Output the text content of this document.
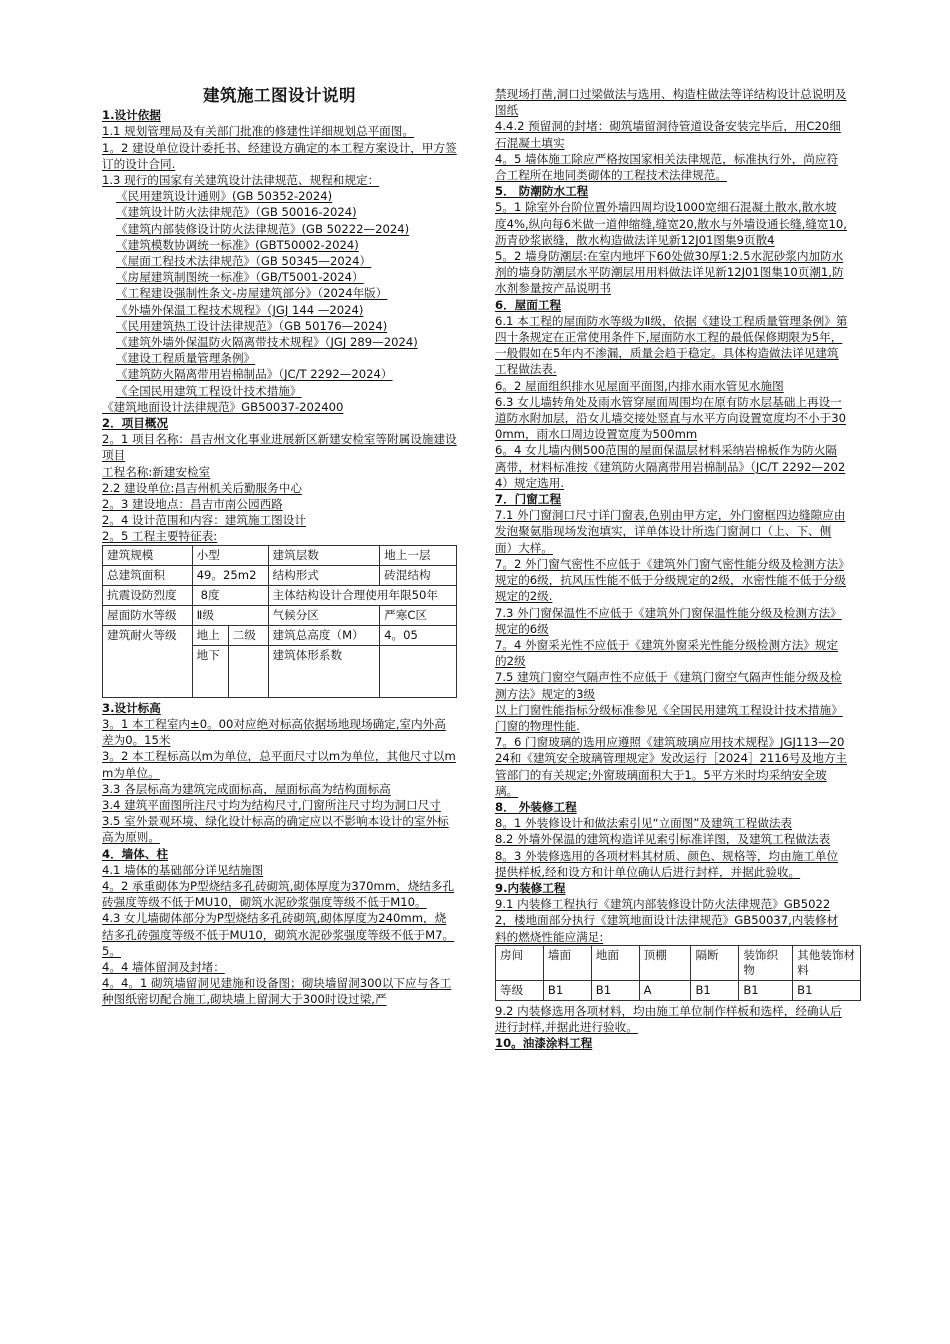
建筑施工图设计说明

1.设计依据

1.1 规划管理局及有关部门批准的修建性详细规划总平面图。

1。2 建设单位设计委托书、经建设方确定的本工程方案设计，甲方签订的设计合同.

1.3 现行的国家有关建筑设计法律规范、规程和规定：

《民用建筑设计通则》(GB 50352-2024)

《建筑设计防火法律规范》（GB 50016-2024)

《建筑内部装修设计防火法律规范》(GB 50222—2024)

《建筑模数协调统一标准》(GBT50002-2024)

《屋面工程技术法律规范》（GB 50345—2024）

《房屋建筑制图统一标准》（GB/T5001-2024）

《工程建设强制性条文-房屋建筑部分》（2024年版）

《外墙外保温工程技术规程》（JGJ 144 —2024)

《民用建筑热工设计法律规范》（GB 50176—2024)

《建筑外墙外保温防火隔离带技术规程》（JGJ 289—2024)

《建设工程质量管理条例》

《建筑防火隔离带用岩棉制品》（JC/T 2292—2024）

《全国民用建筑工程设计技术措施》

《建筑地面设计法律规范》GB50037-202400

2．项目概况

2。1 项目名称：昌吉州文化事业进展新区新建安检室等附属设施建设项目

工程名称:新建安检室

2.2 建设单位:昌吉州机关后勤服务中心

2。3 建设地点：昌吉市南公园西路

2。4 设计范围和内容：建筑施工图设计

2。5 工程主要特征表:

建筑规模	小型		建筑层数	地上一层
总建筑面积	49。25m2		结构形式	砖混结构
抗震设防烈度	8度		主体结构设计合理使用年限50年	
屋面防水等级	Ⅱ级		气候分区	严寒C区
建筑耐火等级	地上	二级	建筑总高度（M）	4。05
	地下		建筑体形系数	

3.设计标高

3。1 本工程室内±0。00对应绝对标高依据场地现场确定,室内外高差为0。15米

3。2 本工程标高以m为单位，总平面尺寸以m为单位，其他尺寸以mm为单位。

3.3 各层标高为建筑完成面标高，屋面标高为结构面标高

3.4 建筑平面图所注尺寸均为结构尺寸,门窗所注尺寸均为洞口尺寸

3.5 室外景观环境、绿化设计标高的确定应以不影响本设计的室外标高为原则。

4．墙体、柱

4.1 墙体的基础部分详见结施图

4。2 承重砌体为P型烧结多孔砖砌筑,砌体厚度为370mm，烧结多孔砖强度等级不低于MU10，砌筑水泥砂浆强度等级不低于M10。

4.3 女儿墙砌体部分为P型烧结多孔砖砌筑,砌体厚度为240mm，烧结多孔砖强度等级不低于MU10，砌筑水泥砂浆强度等级不低于M7。5。

4。4 墙体留洞及封堵：

4。4。1 砌筑墙留洞见建施和设备图；砌块墙留洞300以下应与各工种图纸密切配合施工,砌块墙上留洞大于300时设过梁,严

禁现场打凿,洞口过梁做法与选用、构造柱做法等详结构设计总说明及图纸

4.4.2 预留洞的封堵：砌筑墙留洞待管道设备安装完毕后，用C20细石混凝土填实

4。5 墙体施工除应严格按国家相关法律规范，标准执行外，尚应符合工程所在地同类砌体的工程技术法律规范。

5． 防潮防水工程

5。1 除室外台阶位置外墙四周均设1000宽细石混凝土散水,散水坡度4%,纵向每6米做一道伸缩缝,缝宽20,散水与外墙设通长缝,缝宽10,沥青砂浆嵌缝，散水构造做法详见新12J01图集9页散4

5。2 墙身防潮层:在室内地坪下60处做30厚1:2.5水泥砂浆内加防水剂的墙身防潮层水平防潮层用用料做法详见新12J01图集10页潮1,防水剂参量按产品说明书

6．屋面工程

6.1 本工程的屋面防水等级为Ⅱ级，依据《建设工程质量管理条例》第四十条规定在正常使用条件下,屋面防水工程的最低保修期限为5年，一般假如在5年内不渗漏，质量会趋于稳定。具体构造做法详见建筑工程做法表.

6。2 屋面组织排水见屋面平面图,内排水雨水管见水施图

6.3 女儿墙转角处及雨水管穿屋面周围均在原有防水层基础上再设一道防水附加层，沿女儿墙交接处竖直与水平方向设置宽度均不小于300mm，雨水口周边设置宽度为500mm

6。4 女儿墙内侧500范围的屋面保温层材料采纳岩棉板作为防火隔离带，材料标准按《建筑防火隔离带用岩棉制品》（JC/T 2292—2024）规定选用.

7．门窗工程

7.1 外门窗洞口尺寸详门窗表,色别由甲方定，外门窗框四边缝隙应由发泡聚氨脂现场发泡填实，详单体设计所选门窗洞口（上、下、侧面）大样。

7。2 外门窗气密性不应低于《建筑外门窗气密性能分级及检测方法》规定的6级，抗风压性能不低于分级规定的2级，水密性能不低于分级规定的2级.

7.3 外门窗保温性不应低于《建筑外门窗保温性能分级及检测方法》规定的6级

7。4 外窗采光性不应低于《建筑外窗采光性能分级检测方法》规定的2级

7.5 建筑门窗空气隔声性不应低于《建筑门窗空气隔声性能分级及检测方法》规定的3级

以上门窗性能指标分级标准参见《全国民用建筑工程设计技术措施》门窗的物理性能.

7。6 门窗玻璃的选用应遵照《建筑玻璃应用技术规程》JGJ113—2024和《建筑安全玻璃管理规定》发改运行［2024］2116号及地方主管部门的有关规定;外窗玻璃面积大于1。5平方米时均采纳安全玻璃。

8． 外装修工程

8。1 外装修设计和做法索引见“立面图”及建筑工程做法表

8.2 外墙外保温的建筑构造详见索引标准详图，及建筑工程做法表

8。3 外装修选用的各项材料其材质、颜色、规格等，均由施工单位提供样板,经和设方和计单位确认后进行封样，并据此验收。

9.内装修工程

9.1 内装修工程执行《建筑内部装修设计防火法律规范》GB50222，楼地面部分执行《建筑地面设计法律规范》GB50037,内装修材料的燃烧性能应满足:

房间	墙面	地面	顶棚	隔断	装饰织物	其他装饰材料
等级	B1	B1	A	B1	B1	B1

9.2 内装修选用各项材料，均由施工单位制作样板和选样，经确认后进行封样,并据此进行验收。

10。油漆涂料工程
